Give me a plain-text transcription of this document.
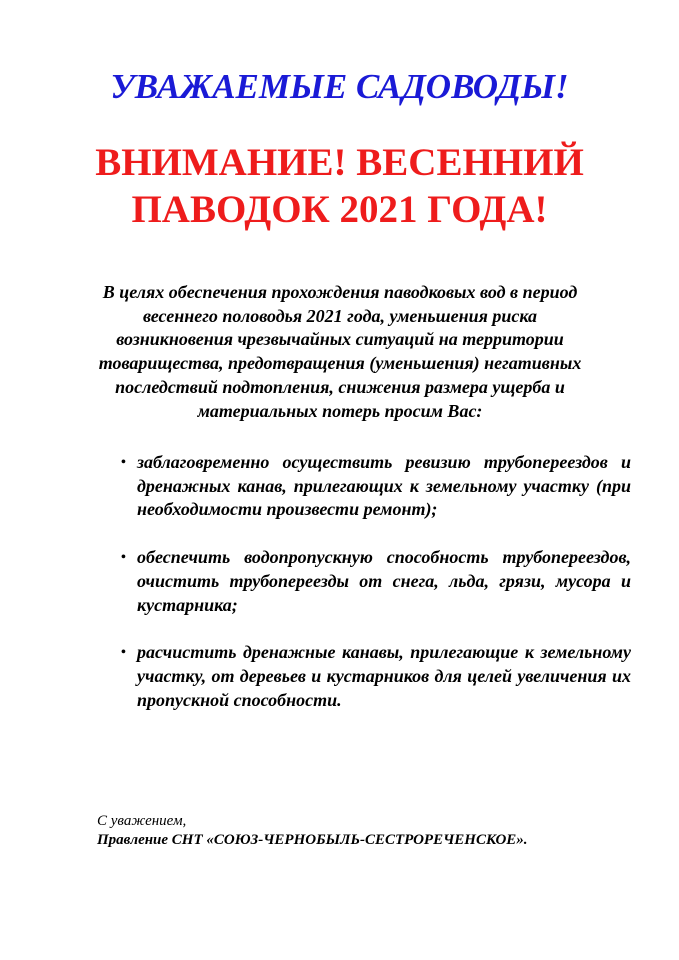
УВАЖАЕМЫЕ САДОВОДЫ!
ВНИМАНИЕ! ВЕСЕННИЙ ПАВОДОК 2021 ГОДА!

В целях обеспечения прохождения паводковых вод в период весеннего половодья 2021 года, уменьшения риска возникновения чрезвычайных ситуаций на территории товарищества, предотвращения (уменьшения) негативных последствий подтопления, снижения размера ущерба и материальных потерь просим Вас:

• заблаговременно осуществить ревизию трубопереездов и дренажных канав, прилегающих к земельному участку (при необходимости произвести ремонт);
• обеспечить водопропускную способность трубопереездов, очистить трубопереезды от снега, льда, грязи, мусора и кустарника;
• расчистить дренажные канавы, прилегающие к земельному участку, от деревьев и кустарников для целей увеличения их пропускной способности.
С уважением,
Правление СНТ «СОЮЗ-ЧЕРНОБЫЛЬ-СЕСТРОРЕЧЕНСКОЕ».
